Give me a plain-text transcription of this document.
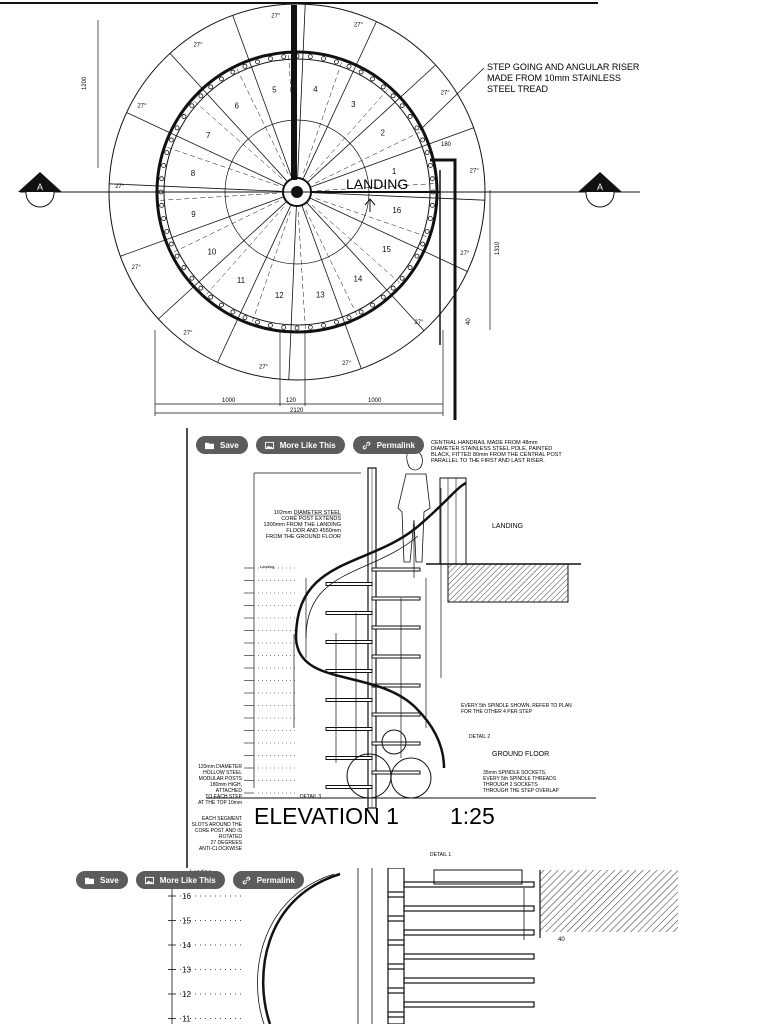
A	A
LANDING
1
2
3
4
5
6
7
8
9
10
11
12	13
14
15
16
STEP GOING AND ANGULAR RISER
MADE FROM 10mm STAINLESS
STEEL TREAD
1000	120	1000
2120
180
1200
1310
40
27°
27°
27°
27°
27°
27°
27°
27°
27°
27°
27°
27°
27°
CENTRAL HANDRAIL MADE FROM 48mm
DIAMETER STAINLESS STEEL POLE, PAINTED
BLACK, FITTED 80mm FROM THE CENTRAL POST
PARALLEL TO THE FIRST AND LAST RISER.
102mm DIAMETER STEEL
CORE POST EXTENDS
1300mm FROM THE LANDING
FLOOR AND 4550mm
FROM THE GROUND FLOOR
LANDING
GROUND FLOOR
EVERY 5th SPINDLE SHOWN, REFER TO PLAN
FOR THE OTHER 4 PER STEP
DETAIL 2
DETAIL 3
DETAIL 1
35mm SPINDLE SOCKETS,
EVERY 5th SPINDLE THREADS
THROUGH 2 SOCKETS
THROUGH THE STEP OVERLAP
120mm DIAMETER
HOLLOW STEEL
MODULAR POSTS
180mm HIGH,
ATTACHED
TO EACH STEP
AT THE TOP 10mm
EACH SEGMENT
SLOTS AROUND THE
CORE POST AND IS
ROTATED
27 DEGREES
ANTI-CLOCKWISE
ELEVATION 1 1:25
Landing
Save	More Like This	Permalink
16
15
14
13
12
11
40
Save	More Like This	Permalink
